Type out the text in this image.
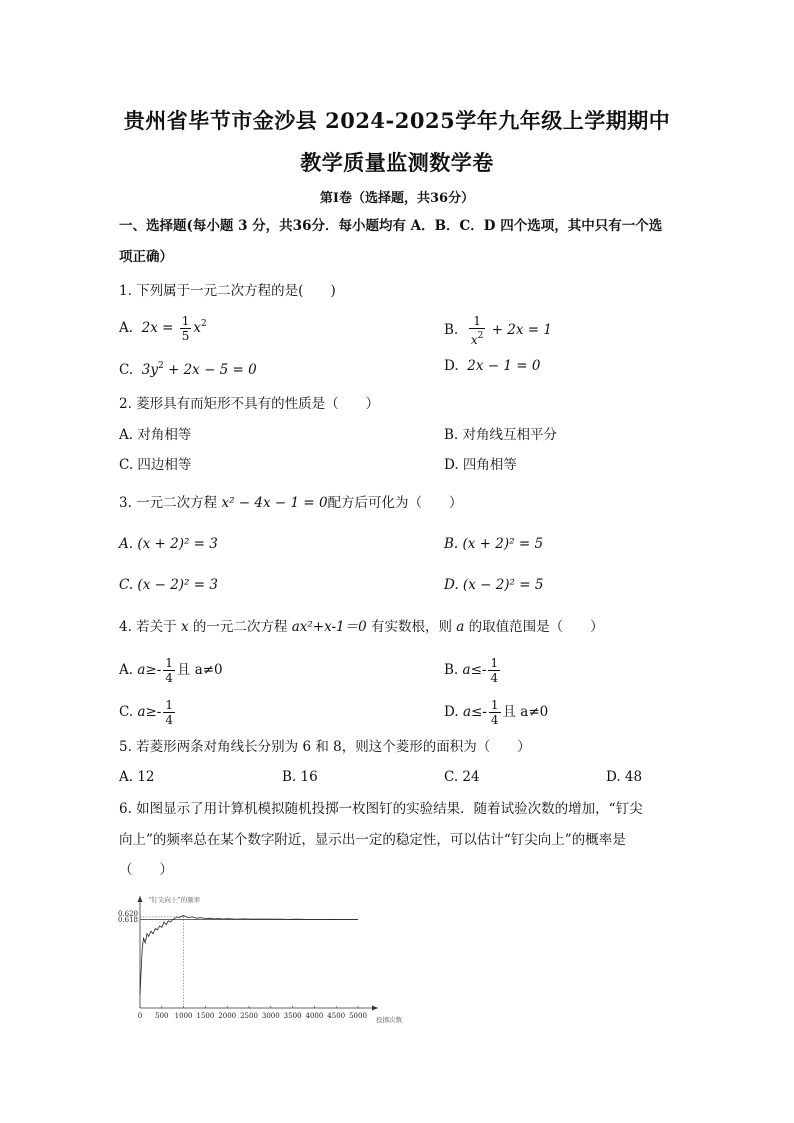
贵州省毕节市金沙县 2024-2025学年九年级上学期期中
教学质量监测数学卷
第Ⅰ卷（选择题，共36分）
一、选择题(每小题 3 分，共36分．每小题均有 A．B．C．D 四个选项，其中只有一个选
项正确）
1. 下列属于一元二次方程的是(　　)
A. $2x = \frac{1}{5} x^2$	B. $\frac{1}{x^2} + 2x = 1$
C. $3y^2 + 2x - 5 = 0$	D. 2x − 1 = 0
2. 菱形具有而矩形不具有的性质是（　　）
A. 对角相等	B. 对角线互相平分
C. 四边相等	D. 四角相等
3. 一元二次方程 x² − 4x − 1 = 0配方后可化为（　　）
A. (x + 2)² = 3	B. (x + 2)² = 5
C. (x − 2)² = 3	D. (x − 2)² = 5
4. 若关于 x 的一元二次方程 ax²+x-1＝0 有实数根，则 a 的取值范围是（　　）
A. $a\ge- \frac{1}{4}$ 且 a≠0	B. $a\le- \frac{1}{4}$
C. $a\ge- \frac{1}{4}$	D. $a\le- \frac{1}{4}$ 且 a≠0
5. 若菱形两条对角线长分别为 6 和 8，则这个菱形的面积为（　　）
A. 12	B. 16	C. 24	D. 48
6. 如图显示了用计算机模拟随机投掷一枚图钉的实验结果．随着试验次数的增加，“钉尖
向上”的频率总在某个数字附近，显示出一定的稳定性，可以估计“钉尖向上”的概率是
（　　）
“钉尖向上”的频率
投掷次数
0 500 1000 1500 2000 2500 3000 3500 4000 4500 5000
0.618
0.620
